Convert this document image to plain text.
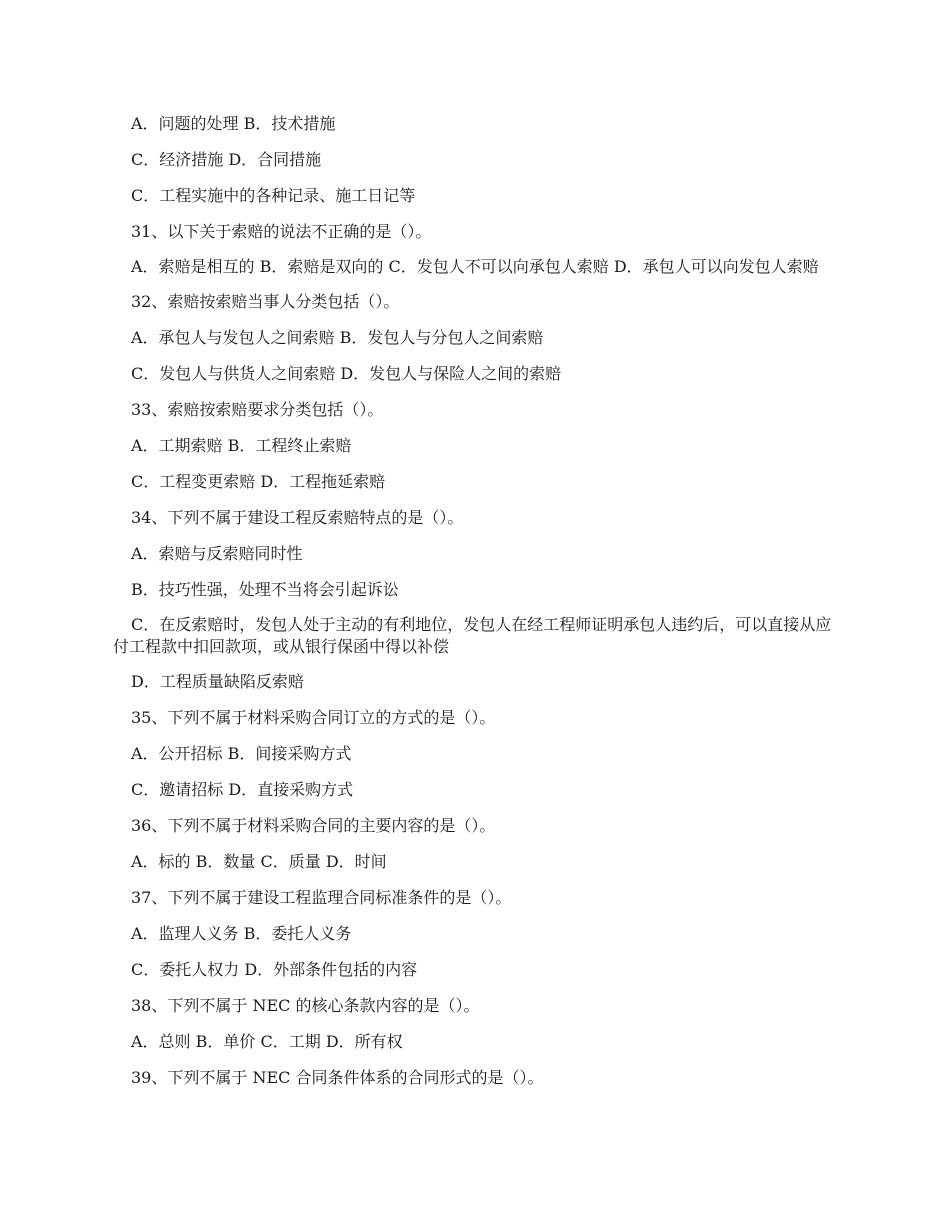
A．问题的处理 B．技术措施

C．经济措施 D．合同措施

C．工程实施中的各种记录、施工日记等

31、以下关于索赔的说法不正确的是（）。

A．索赔是相互的 B．索赔是双向的 C．发包人不可以向承包人索赔 D．承包人可以向发包人索赔

32、索赔按索赔当事人分类包括（）。

A．承包人与发包人之间索赔 B．发包人与分包人之间索赔

C．发包人与供货人之间索赔 D．发包人与保险人之间的索赔

33、索赔按索赔要求分类包括（）。

A．工期索赔 B．工程终止索赔

C．工程变更索赔 D．工程拖延索赔

34、下列不属于建设工程反索赔特点的是（）。

A．索赔与反索赔同时性

B．技巧性强，处理不当将会引起诉讼

C．在反索赔时，发包人处于主动的有利地位，发包人在经工程师证明承包人违约后，可以直接从应付工程款中扣回款项，或从银行保函中得以补偿

D．工程质量缺陷反索赔

35、下列不属于材料采购合同订立的方式的是（）。

A．公开招标 B．间接采购方式

C．邀请招标 D．直接采购方式

36、下列不属于材料采购合同的主要内容的是（）。

A．标的 B．数量 C．质量 D．时间

37、下列不属于建设工程监理合同标准条件的是（）。

A．监理人义务 B．委托人义务

C．委托人权力 D．外部条件包括的内容

38、下列不属于 NEC 的核心条款内容的是（）。

A．总则 B．单价 C．工期 D．所有权

39、下列不属于 NEC 合同条件体系的合同形式的是（）。
